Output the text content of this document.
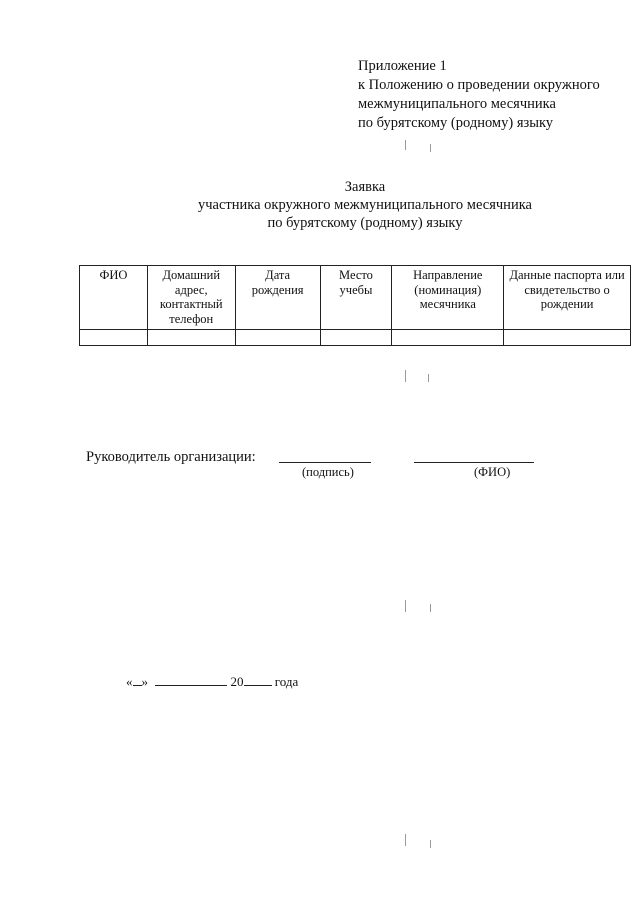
Приложение 1
к Положению о проведении окружного
межмуниципального месячника
по бурятскому (родному) языку
Заявка
участника окружного межмуниципального месячника
по бурятскому (родному) языку
ФИО	Домашний адрес, контактный телефон	Дата рождения	Место учебы	Направление (номинация) месячника	Данные паспорта или свидетельство о рождении

Руководитель организации:
(подпись)	(ФИО)
« »	20 года
